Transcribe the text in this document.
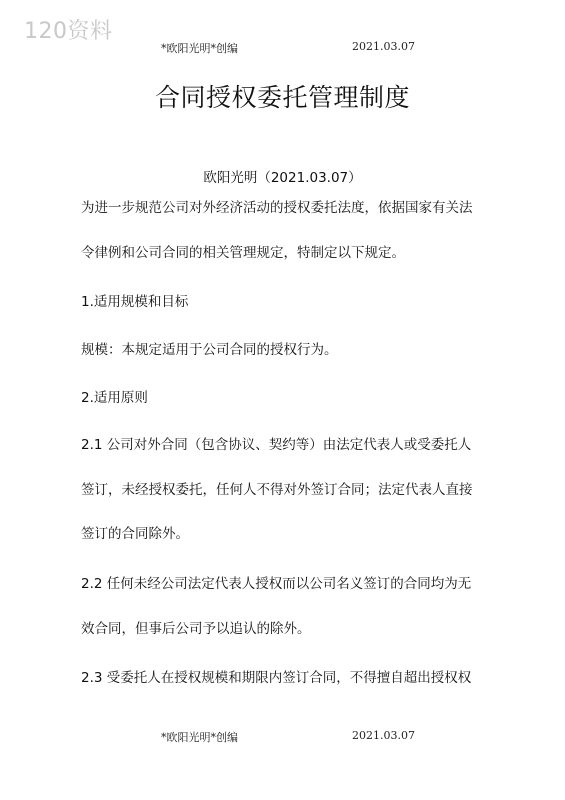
120资料
*欧阳光明*创编	2021.03.07
合同授权委托管理制度
欧阳光明（2021.03.07）
为进一步规范公司对外经济活动的授权委托法度，依据国家有关法
令律例和公司合同的相关管理规定，特制定以下规定。
1.适用规模和目标
规模：本规定适用于公司合同的授权行为。
2.适用原则
2.1 公司对外合同（包含协议、契约等）由法定代表人或受委托人
签订，未经授权委托，任何人不得对外签订合同；法定代表人直接
签订的合同除外。
2.2 任何未经公司法定代表人授权而以公司名义签订的合同均为无
效合同，但事后公司予以追认的除外。
2.3 受委托人在授权规模和期限内签订合同，不得擅自超出授权权
*欧阳光明*创编	2021.03.07
